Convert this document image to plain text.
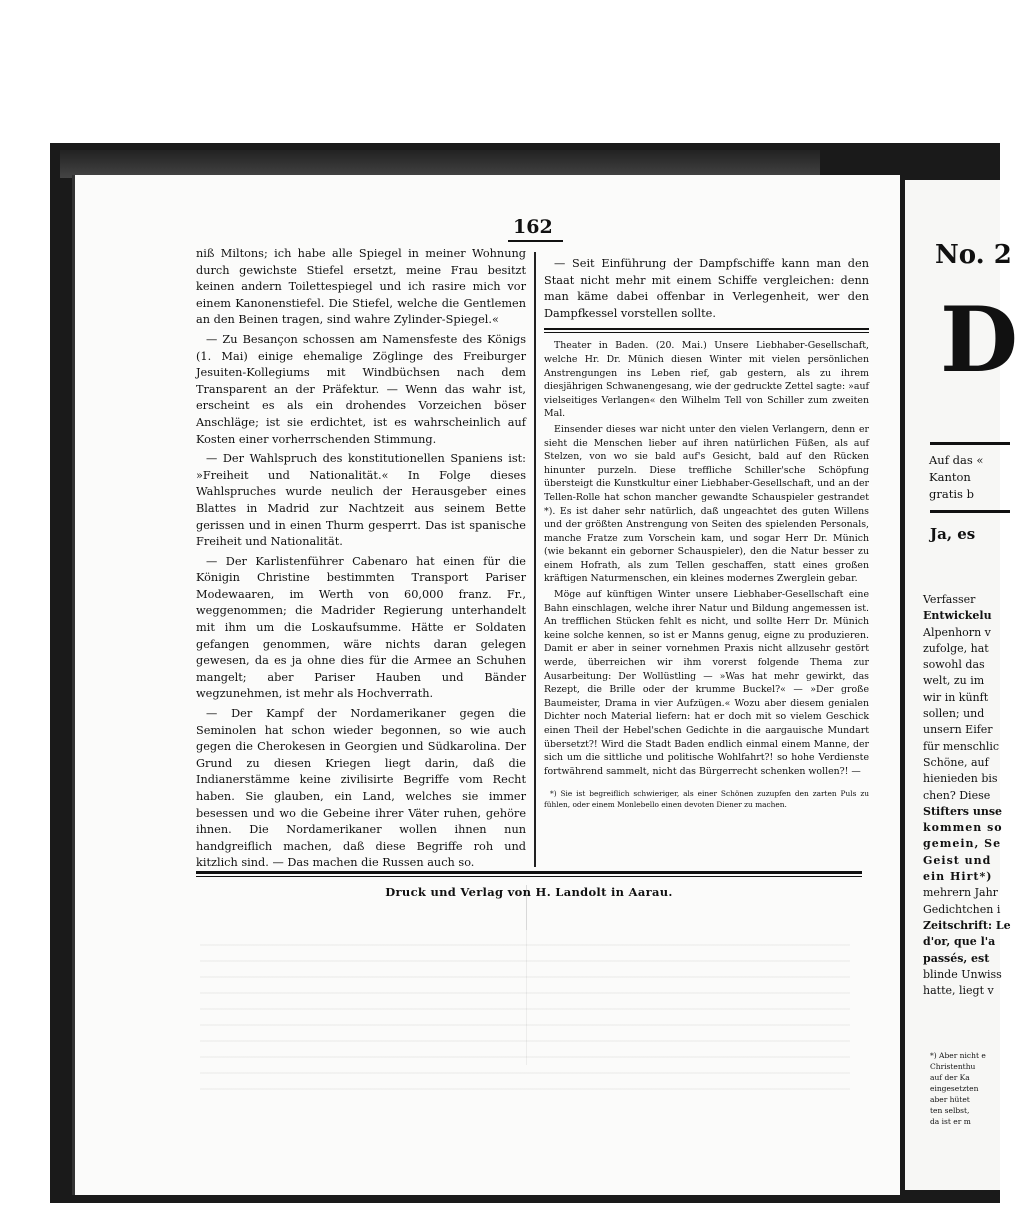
162

niß Miltons; ich habe alle Spiegel in meiner Wohnung durch gewichste Stiefel ersetzt, meine Frau besitzt keinen andern Toilettespiegel und ich rasire mich vor einem Kanonenstiefel. Die Stiefel, welche die Gentlemen an den Beinen tragen, sind wahre Zylinder-Spiegel.«

— Zu Besançon schossen am Namensfeste des Königs (1. Mai) einige ehemalige Zöglinge des Freiburger Jesuiten-Kollegiums mit Windbüchsen nach dem Transparent an der Präfektur. — Wenn das wahr ist, erscheint es als ein drohendes Vorzeichen böser Anschläge; ist sie erdichtet, ist es wahrscheinlich auf Kosten einer vorherrschenden Stimmung.

— Der Wahlspruch des konstitutionellen Spaniens ist: »Freiheit und Nationalität.« In Folge dieses Wahlspruches wurde neulich der Herausgeber eines Blattes in Madrid zur Nachtzeit aus seinem Bette gerissen und in einen Thurm gesperrt. Das ist spanische Freiheit und Nationalität.

— Der Karlistenführer Cabenaro hat einen für die Königin Christine bestimmten Transport Pariser Modewaaren, im Werth von 60,000 franz. Fr., weggenommen; die Madrider Regierung unterhandelt mit ihm um die Loskaufsumme. Hätte er Soldaten gefangen genommen, wäre nichts daran gelegen gewesen, da es ja ohne dies für die Armee an Schuhen mangelt; aber Pariser Hauben und Bänder wegzunehmen, ist mehr als Hochverrath.

— Der Kampf der Nordamerikaner gegen die Seminolen hat schon wieder begonnen, so wie auch gegen die Cherokesen in Georgien und Südkarolina. Der Grund zu diesen Kriegen liegt darin, daß die Indianerstämme keine zivilisirte Begriffe vom Recht haben. Sie glauben, ein Land, welches sie immer besessen und wo die Gebeine ihrer Väter ruhen, gehöre ihnen. Die Nordamerikaner wollen ihnen nun handgreiflich machen, daß diese Begriffe roh und kitzlich sind. — Das machen die Russen auch so.

— Seit Einführung der Dampfschiffe kann man den Staat nicht mehr mit einem Schiffe vergleichen: denn man käme dabei offenbar in Verlegenheit, wer den Dampfkessel vorstellen sollte.

Theater in Baden. (20. Mai.) Unsere Liebhaber-Gesellschaft, welche Hr. Dr. Münich diesen Winter mit vielen persönlichen Anstrengungen ins Leben rief, gab gestern, als zu ihrem diesjährigen Schwanengesang, wie der gedruckte Zettel sagte: »auf vielseitiges Verlangen« den Wilhelm Tell von Schiller zum zweiten Mal.

Einsender dieses war nicht unter den vielen Verlangern, denn er sieht die Menschen lieber auf ihren natürlichen Füßen, als auf Stelzen, von wo sie bald auf's Gesicht, bald auf den Rücken hinunter purzeln. Diese treffliche Schiller'sche Schöpfung übersteigt die Kunstkultur einer Liebhaber-Gesellschaft, und an der Tellen-Rolle hat schon mancher gewandte Schauspieler gestrandet *). Es ist daher sehr natürlich, daß ungeachtet des guten Willens und der größten Anstrengung von Seiten des spielenden Personals, manche Fratze zum Vorschein kam, und sogar Herr Dr. Münich (wie bekannt ein geborner Schauspieler), den die Natur besser zu einem Hofrath, als zum Tellen geschaffen, statt eines großen kräftigen Naturmenschen, ein kleines modernes Zwerglein gebar.

Möge auf künftigen Winter unsere Liebhaber-Gesellschaft eine Bahn einschlagen, welche ihrer Natur und Bildung angemessen ist. An trefflichen Stücken fehlt es nicht, und sollte Herr Dr. Münich keine solche kennen, so ist er Manns genug, eigne zu produzieren. Damit er aber in seiner vornehmen Praxis nicht allzusehr gestört werde, überreichen wir ihm vorerst folgende Thema zur Ausarbeitung: Der Wollüstling — »Was hat mehr gewirkt, das Rezept, die Brille oder der krumme Buckel?« — »Der große Baumeister, Drama in vier Aufzügen.« Wozu aber diesem genialen Dichter noch Material liefern: hat er doch mit so vielem Geschick einen Theil der Hebel'schen Gedichte in die aargauische Mundart übersetzt?! Wird die Stadt Baden endlich einmal einem Manne, der sich um die sittliche und politische Wohlfahrt?! so hohe Verdienste fortwährend sammelt, nicht das Bürgerrecht schenken wollen?! —

*) Sie ist begreiflich schwieriger, als einer Schönen zuzupfen den zarten Puls zu fühlen, oder einem Monlebello einen devoten Diener zu machen.

Druck und Verlag von H. Landolt in Aarau.
No. 2
D
Auf das «
Kanton
gratis b
Ja, es
Verfasser
Entwickelu
Alpenhorn v
zufolge, hat
sowohl das
welt, zu im
wir in künft
sollen; und
unsern Eifer
für menschlic
Schöne, auf
hienieden bis
chen? Diese
Stifters unse
kommen so
gemein, Se
Geist und
ein Hirt*)
mehrern Jahr
Gedichtchen i
Zeitschrift: Le
d'or, que l'a
passés, est
blinde Unwiss
hatte, liegt v
*) Aber nicht e
Christenthu
auf der Ka
eingesetzten
aber hütet
ten selbst,
da ist er m
